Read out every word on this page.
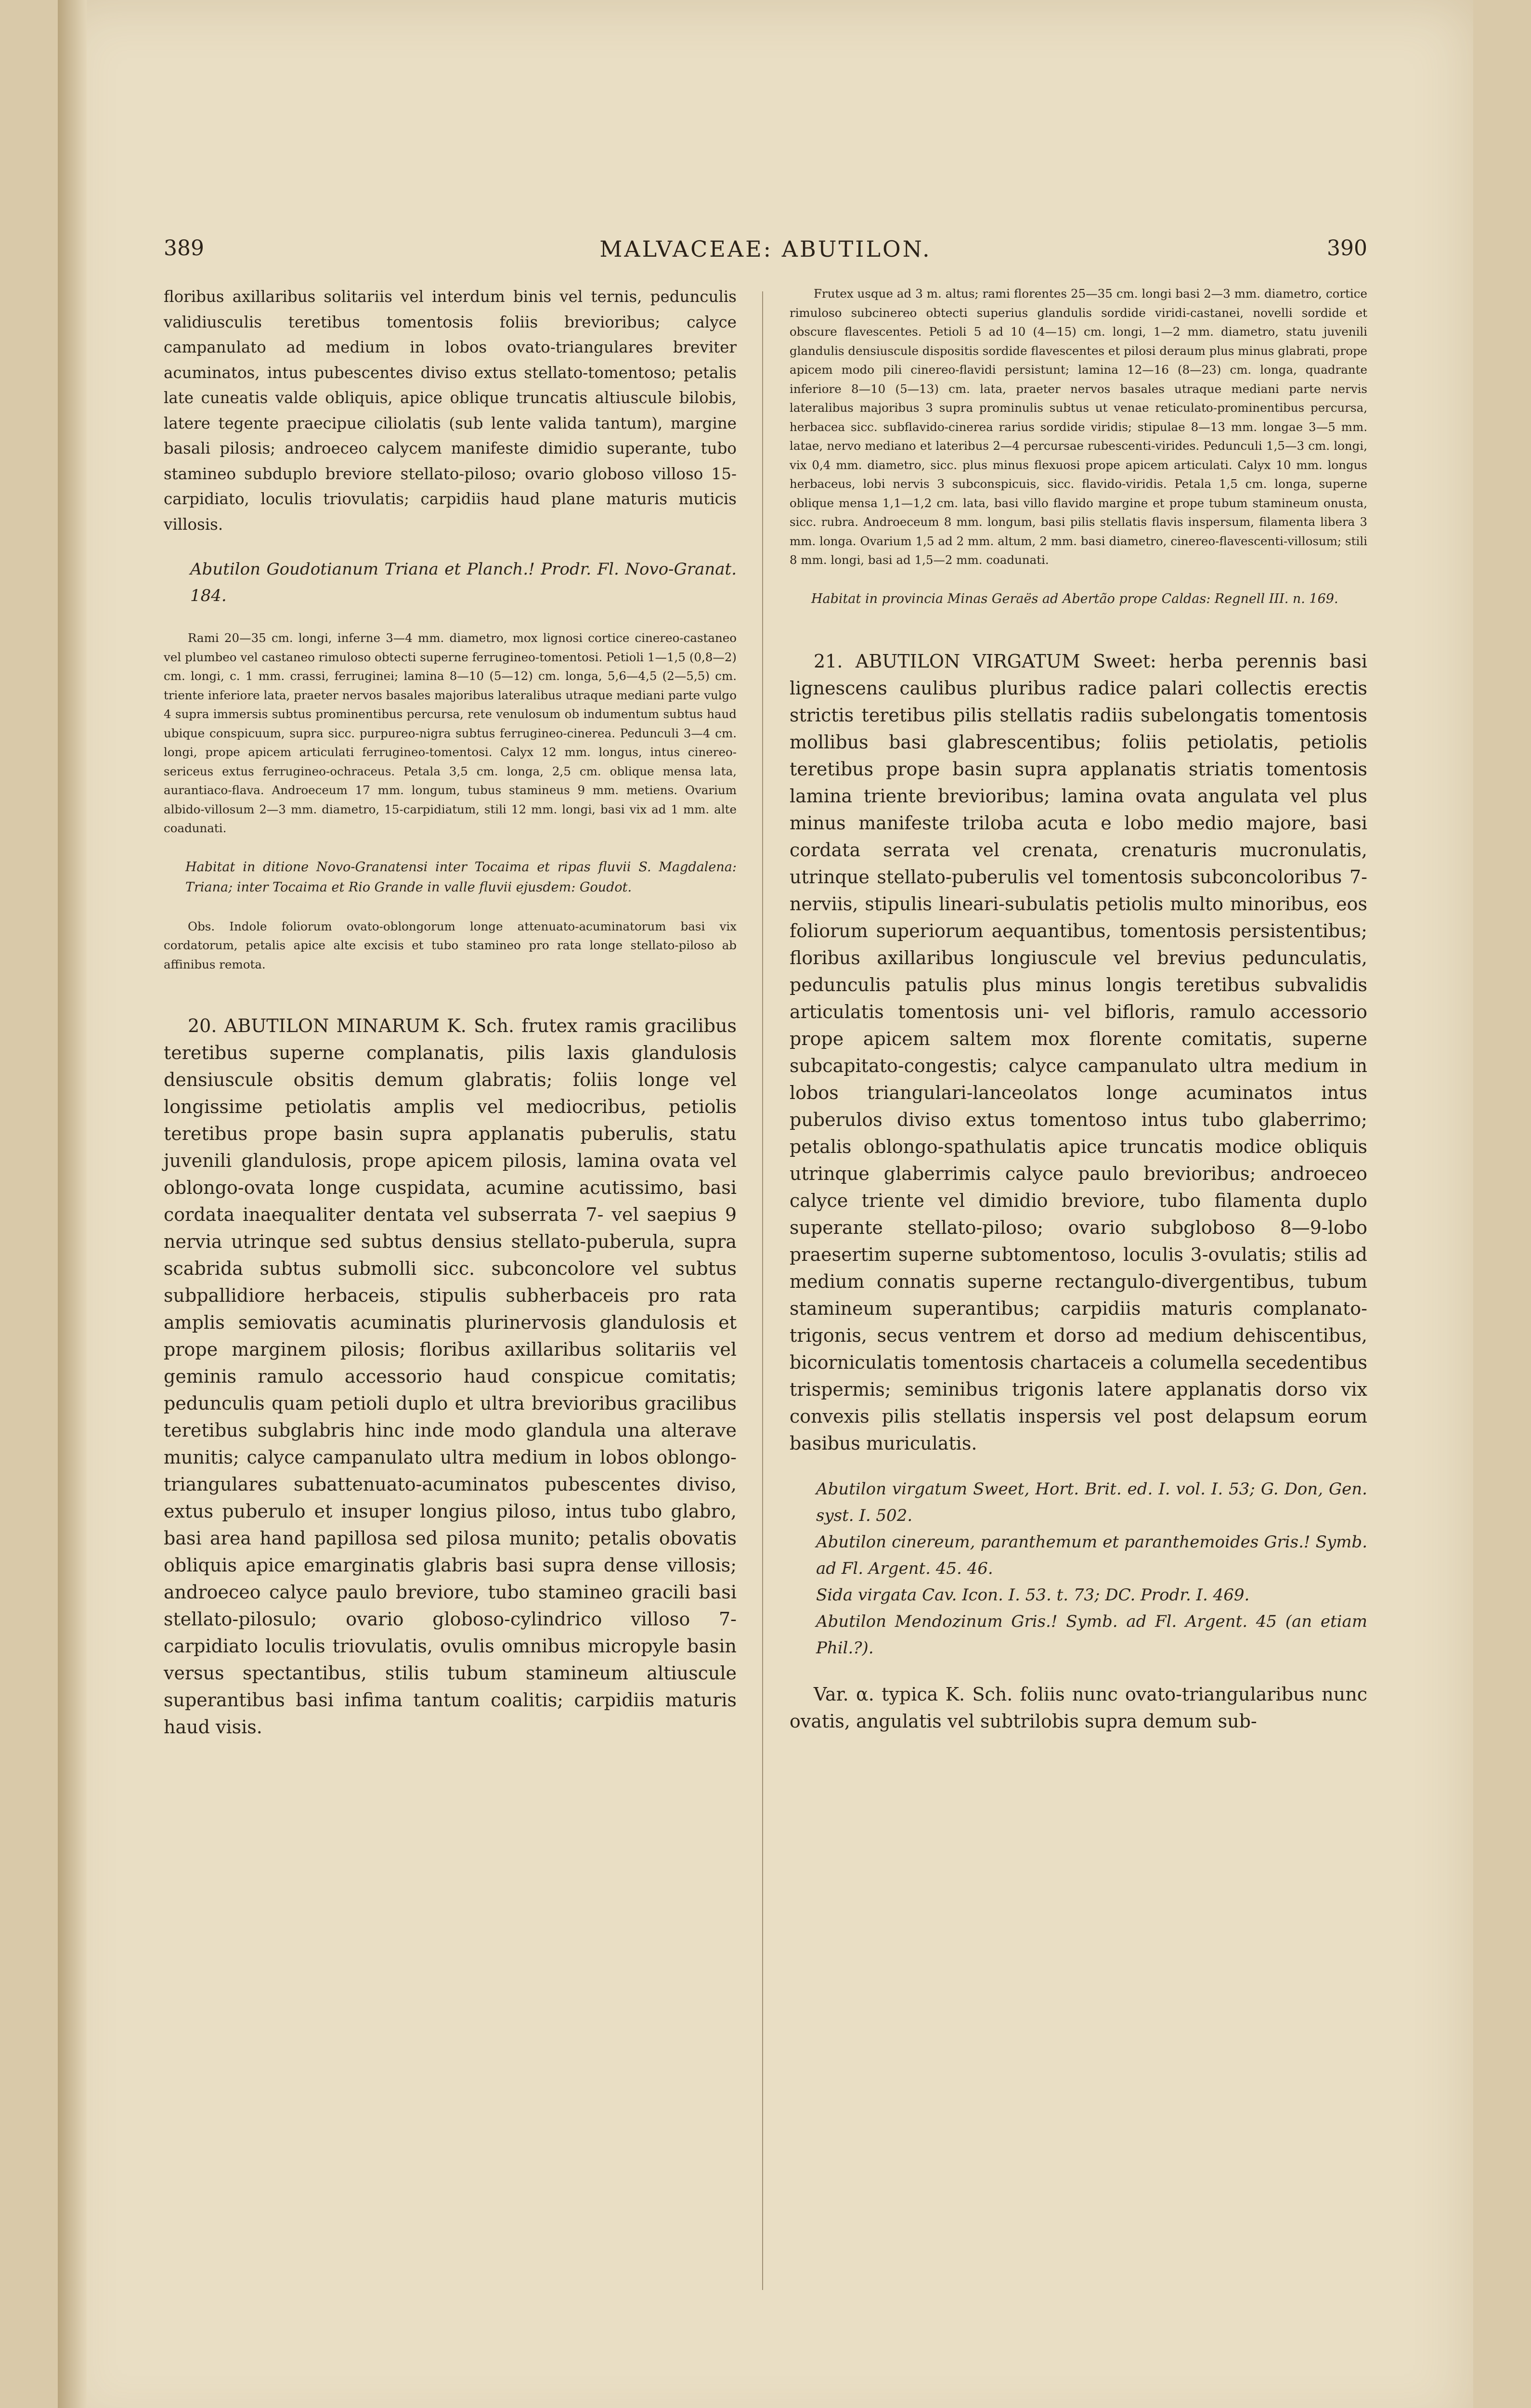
389	MALVACEAE: ABUTILON.	390

floribus axillaribus solitariis vel interdum binis vel ternis, pedunculis validiusculis teretibus tomentosis foliis brevioribus; calyce campanulato ad medium in lobos ovato-triangulares breviter acuminatos, intus pubescentes diviso extus stellato-tomentoso; petalis late cuneatis valde obliquis, apice oblique truncatis altiuscule bilobis, latere tegente praecipue ciliolatis (sub lente valida tantum), margine basali pilosis; androeceo calycem manifeste dimidio superante, tubo stamineo subduplo breviore stellato-piloso; ovario globoso villoso 15-carpidiato, loculis triovulatis; carpidiis haud plane maturis muticis villosis.

Abutilon Goudotianum Triana et Planch.! Prodr. Fl. Novo-Granat. 184.

Rami 20—35 cm. longi, inferne 3—4 mm. diametro, mox lignosi cortice cinereo-castaneo vel plumbeo vel castaneo rimuloso obtecti superne ferrugineo-tomentosi. Petioli 1—1,5 (0,8—2) cm. longi, c. 1 mm. crassi, ferruginei; lamina 8—10 (5—12) cm. longa, 5,6—4,5 (2—5,5) cm. triente inferiore lata, praeter nervos basales majoribus lateralibus utraque mediani parte vulgo 4 supra immersis subtus prominentibus percursa, rete venulosum ob indumentum subtus haud ubique conspicuum, supra sicc. purpureo-nigra subtus ferrugineo-cinerea. Pedunculi 3—4 cm. longi, prope apicem articulati ferrugineo-tomentosi. Calyx 12 mm. longus, intus cinereo-sericeus extus ferrugineo-ochraceus. Petala 3,5 cm. longa, 2,5 cm. oblique mensa lata, aurantiaco-flava. Androeceum 17 mm. longum, tubus stamineus 9 mm. metiens. Ovarium albido-villosum 2—3 mm. diametro, 15-carpidiatum, stili 12 mm. longi, basi vix ad 1 mm. alte coadunati.

Habitat in ditione Novo-Granatensi inter Tocaima et ripas fluvii S. Magdalena: Triana; inter Tocaima et Rio Grande in valle fluvii ejusdem: Goudot.

Obs. Indole foliorum ovato-oblongorum longe attenuato-acuminatorum basi vix cordatorum, petalis apice alte excisis et tubo stamineo pro rata longe stellato-piloso ab affinibus remota.

20. ABUTILON MINARUM K. Sch. frutex ramis gracilibus teretibus superne complanatis, pilis laxis glandulosis densiuscule obsitis demum glabratis; foliis longe vel longissime petiolatis amplis vel mediocribus, petiolis teretibus prope basin supra applanatis puberulis, statu juvenili glandulosis, prope apicem pilosis, lamina ovata vel oblongo-ovata longe cuspidata, acumine acutissimo, basi cordata inaequaliter dentata vel subserrata 7- vel saepius 9 nervia utrinque sed subtus densius stellato-puberula, supra scabrida subtus submolli sicc. subconcolore vel subtus subpallidiore herbaceis, stipulis subherbaceis pro rata amplis semiovatis acuminatis plurinervosis glandulosis et prope marginem pilosis; floribus axillaribus solitariis vel geminis ramulo accessorio haud conspicue comitatis; pedunculis quam petioli duplo et ultra brevioribus gracilibus teretibus subglabris hinc inde modo glandula una alterave munitis; calyce campanulato ultra medium in lobos oblongo-triangulares subattenuato-acuminatos pubescentes diviso, extus puberulo et insuper longius piloso, intus tubo glabro, basi area hand papillosa sed pilosa munito; petalis obovatis obliquis apice emarginatis glabris basi supra dense villosis; androeceo calyce paulo breviore, tubo stamineo gracili basi stellato-pilosulo; ovario globoso-cylindrico villoso 7-carpidiato loculis triovulatis, ovulis omnibus micropyle basin versus spectantibus, stilis tubum stamineum altiuscule superantibus basi infima tantum coalitis; carpidiis maturis haud visis.

Frutex usque ad 3 m. altus; rami florentes 25—35 cm. longi basi 2—3 mm. diametro, cortice rimuloso subcinereo obtecti superius glandulis sordide viridi-castanei, novelli sordide et obscure flavescentes. Petioli 5 ad 10 (4—15) cm. longi, 1—2 mm. diametro, statu juvenili glandulis densiuscule dispositis sordide flavescentes et pilosi deraum plus minus glabrati, prope apicem modo pili cinereo-flavidi persistunt; lamina 12—16 (8—23) cm. longa, quadrante inferiore 8—10 (5—13) cm. lata, praeter nervos basales utraque mediani parte nervis lateralibus majoribus 3 supra prominulis subtus ut venae reticulato-prominentibus percursa, herbacea sicc. subflavido-cinerea rarius sordide viridis; stipulae 8—13 mm. longae 3—5 mm. latae, nervo mediano et lateribus 2—4 percursae rubescenti-virides. Pedunculi 1,5—3 cm. longi, vix 0,4 mm. diametro, sicc. plus minus flexuosi prope apicem articulati. Calyx 10 mm. longus herbaceus, lobi nervis 3 subconspicuis, sicc. flavido-viridis. Petala 1,5 cm. longa, superne oblique mensa 1,1—1,2 cm. lata, basi villo flavido margine et prope tubum stamineum onusta, sicc. rubra. Androeceum 8 mm. longum, basi pilis stellatis flavis inspersum, filamenta libera 3 mm. longa. Ovarium 1,5 ad 2 mm. altum, 2 mm. basi diametro, cinereo-flavescenti-villosum; stili 8 mm. longi, basi ad 1,5—2 mm. coadunati.

Habitat in provincia Minas Geraës ad Abertão prope Caldas: Regnell III. n. 169.

21. ABUTILON VIRGATUM Sweet: herba perennis basi lignescens caulibus pluribus radice palari collectis erectis strictis teretibus pilis stellatis radiis subelongatis tomentosis mollibus basi glabrescentibus; foliis petiolatis, petiolis teretibus prope basin supra applanatis striatis tomentosis lamina triente brevioribus; lamina ovata angulata vel plus minus manifeste triloba acuta e lobo medio majore, basi cordata serrata vel crenata, crenaturis mucronulatis, utrinque stellato-puberulis vel tomentosis subconcoloribus 7-nerviis, stipulis lineari-subulatis petiolis multo minoribus, eos foliorum superiorum aequantibus, tomentosis persistentibus; floribus axillaribus longiuscule vel brevius pedunculatis, pedunculis patulis plus minus longis teretibus subvalidis articulatis tomentosis uni- vel bifloris, ramulo accessorio prope apicem saltem mox florente comitatis, superne subcapitato-congestis; calyce campanulato ultra medium in lobos triangulari-lanceolatos longe acuminatos intus puberulos diviso extus tomentoso intus tubo glaberrimo; petalis oblongo-spathulatis apice truncatis modice obliquis utrinque glaberrimis calyce paulo brevioribus; androeceo calyce triente vel dimidio breviore, tubo filamenta duplo superante stellato-piloso; ovario subgloboso 8—9-lobo praesertim superne subtomentoso, loculis 3-ovulatis; stilis ad medium connatis superne rectangulo-divergentibus, tubum stamineum superantibus; carpidiis maturis complanato-trigonis, secus ventrem et dorso ad medium dehiscentibus, bicorniculatis tomentosis chartaceis a columella secedentibus trispermis; seminibus trigonis latere applanatis dorso vix convexis pilis stellatis inspersis vel post delapsum eorum basibus muriculatis.

Abutilon virgatum Sweet, Hort. Brit. ed. I. vol. I. 53; G. Don, Gen. syst. I. 502.

Abutilon cinereum, paranthemum et paranthemoides Gris.! Symb. ad Fl. Argent. 45. 46.

Sida virgata Cav. Icon. I. 53. t. 73; DC. Prodr. I. 469.

Abutilon Mendozinum Gris.! Symb. ad Fl. Argent. 45 (an etiam Phil.?).

Var. α. typica K. Sch. foliis nunc ovato-triangularibus nunc ovatis, angulatis vel subtrilobis supra demum sub-
